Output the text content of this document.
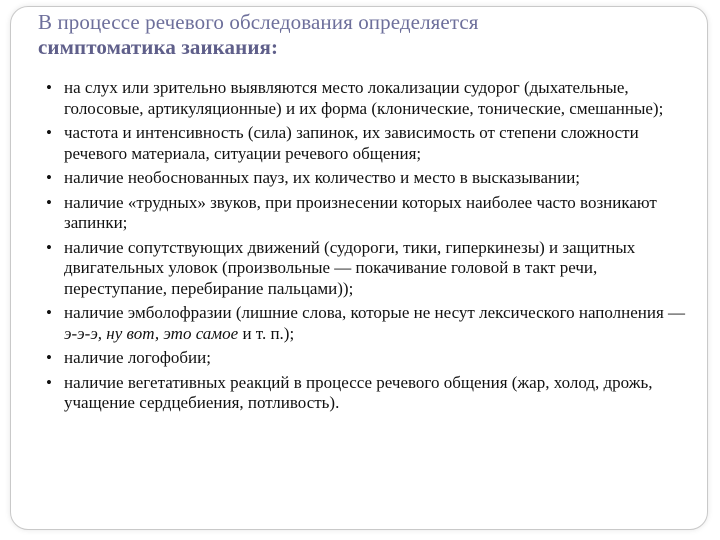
В процессе речевого обследования определяется
симптоматика заикания:
• на слух или зрительно выявляются место локализации судорог (дыхательные, голосовые, артикуляционные) и их форма (клонические, тонические, смешанные);
• частота и интенсивность (сила) запинок, их зависимость от степени сложности речевого материала, ситуации речевого общения;
• наличие необоснованных пауз, их количество и место в высказывании;
• наличие «трудных» звуков, при произнесении которых наиболее часто возникают запинки;
• наличие сопутствующих движений (судороги, тики, гиперкинезы) и защитных двигательных уловок (произвольные — покачивание головой в такт речи, переступание, перебирание пальцами));
• наличие эмболофразии (лишние слова, которые не несут лексического наполнения — э-э-э, ну вот, это самое и т. п.);
• наличие логофобии;
• наличие вегетативных реакций в процессе речевого общения (жар, холод, дрожь, учащение сердцебиения, потливость).
